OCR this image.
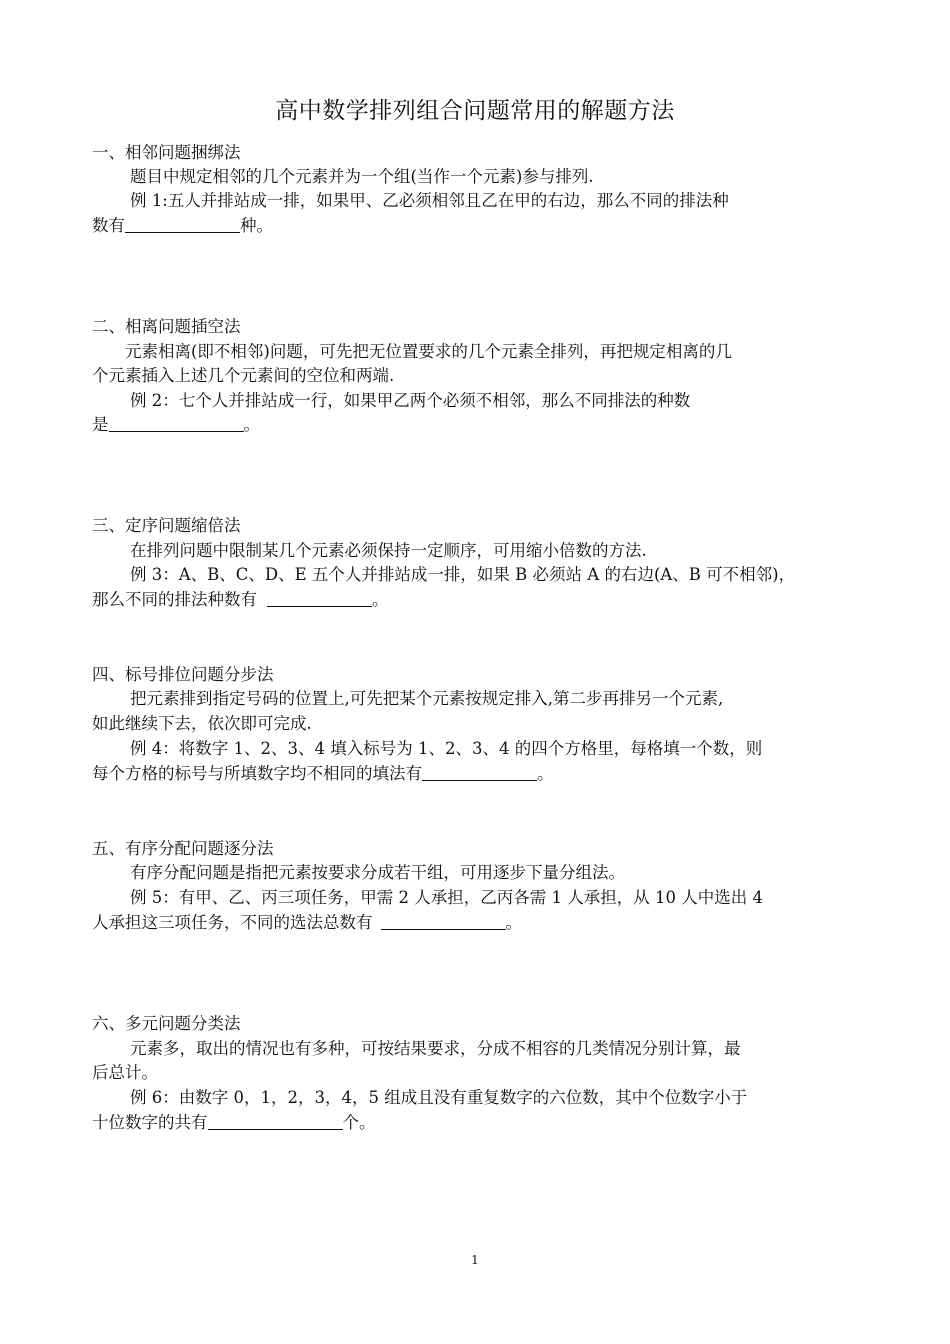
高中数学排列组合问题常用的解题方法
一、相邻问题捆绑法
题目中规定相邻的几个元素并为一个组(当作一个元素)参与排列.
例 1:五人并排站成一排，如果甲、乙必须相邻且乙在甲的右边，那么不同的排法种
数有	种。
二、相离问题插空法
元素相离(即不相邻)问题，可先把无位置要求的几个元素全排列，再把规定相离的几
个元素插入上述几个元素间的空位和两端.
例 2：七个人并排站成一行，如果甲乙两个必须不相邻，那么不同排法的种数
是	。
三、定序问题缩倍法
在排列问题中限制某几个元素必须保持一定顺序，可用缩小倍数的方法.
例 3：A、B、C、D、E 五个人并排站成一排，如果 B 必须站 A 的右边(A、B 可不相邻)，
那么不同的排法种数有	。
四、标号排位问题分步法
把元素排到指定号码的位置上,可先把某个元素按规定排入,第二步再排另一个元素,
如此继续下去，依次即可完成.
例 4：将数字 1、2、3、4 填入标号为 1、2、3、4 的四个方格里，每格填一个数，则
每个方格的标号与所填数字均不相同的填法有	。
五、有序分配问题逐分法
有序分配问题是指把元素按要求分成若干组，可用逐步下量分组法。
例 5：有甲、乙、丙三项任务，甲需 2 人承担，乙丙各需 1 人承担，从 10 人中选出 4
人承担这三项任务，不同的选法总数有	。
六、多元问题分类法
元素多，取出的情况也有多种，可按结果要求，分成不相容的几类情况分别计算，最
后总计。
例 6：由数字 0，1，2，3，4，5 组成且没有重复数字的六位数，其中个位数字小于
十位数字的共有	个。
1
